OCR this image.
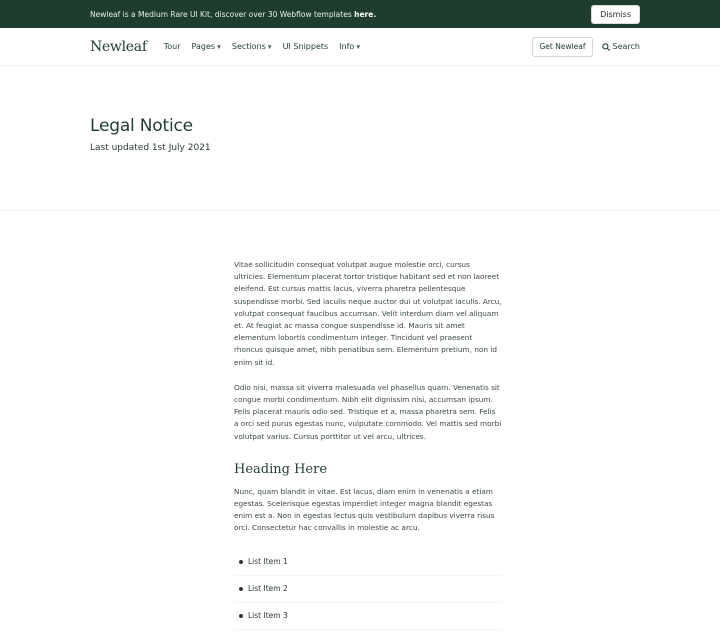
Newleaf is a Medium Rare UI Kit, discover over 30 Webflow templates here.	Dismiss
Newleaf Tour Pages ▼ Sections ▼ UI Snippets Info ▼	Get Newleaf	Search
Legal Notice

Last updated 1st July 2021

Vitae sollicitudin consequat volutpat augue molestie orci, cursus ultricies. Elementum placerat tortor tristique habitant sed et non laoreet eleifend. Est cursus mattis lacus, viverra pharetra pellentesque suspendisse morbi. Sed iaculis neque auctor dui ut volutpat iaculis. Arcu, volutpat consequat faucibus accumsan. Velit interdum diam vel aliquam et. At feugiat ac massa congue suspendisse id. Mauris sit amet elementum lobortis condimentum integer. Tincidunt vel praesent rhoncus quisque amet, nibh penatibus sem. Elementum pretium, non id enim sit id.

Odio nisi, massa sit viverra malesuada vel phasellus quam. Venenatis sit congue morbi condimentum. Nibh elit dignissim nisi, accumsan ipsum. Felis placerat mauris odio sed. Tristique et a, massa pharetra sem. Felis a orci sed purus egestas nunc, vulputate commodo. Vel mattis sed morbi volutpat varius. Cursus porttitor ut vel arcu, ultrices.

Heading Here

Nunc, quam blandit in vitae. Est lacus, diam enim in venenatis a etiam egestas. Scelerisque egestas imperdiet integer magna blandit egestas enim est a. Non in egestas lectus quis vestibulum dapibus viverra risus orci. Consectetur hac convallis in molestie ac arcu.

List Item 1
List Item 2
List Item 3
